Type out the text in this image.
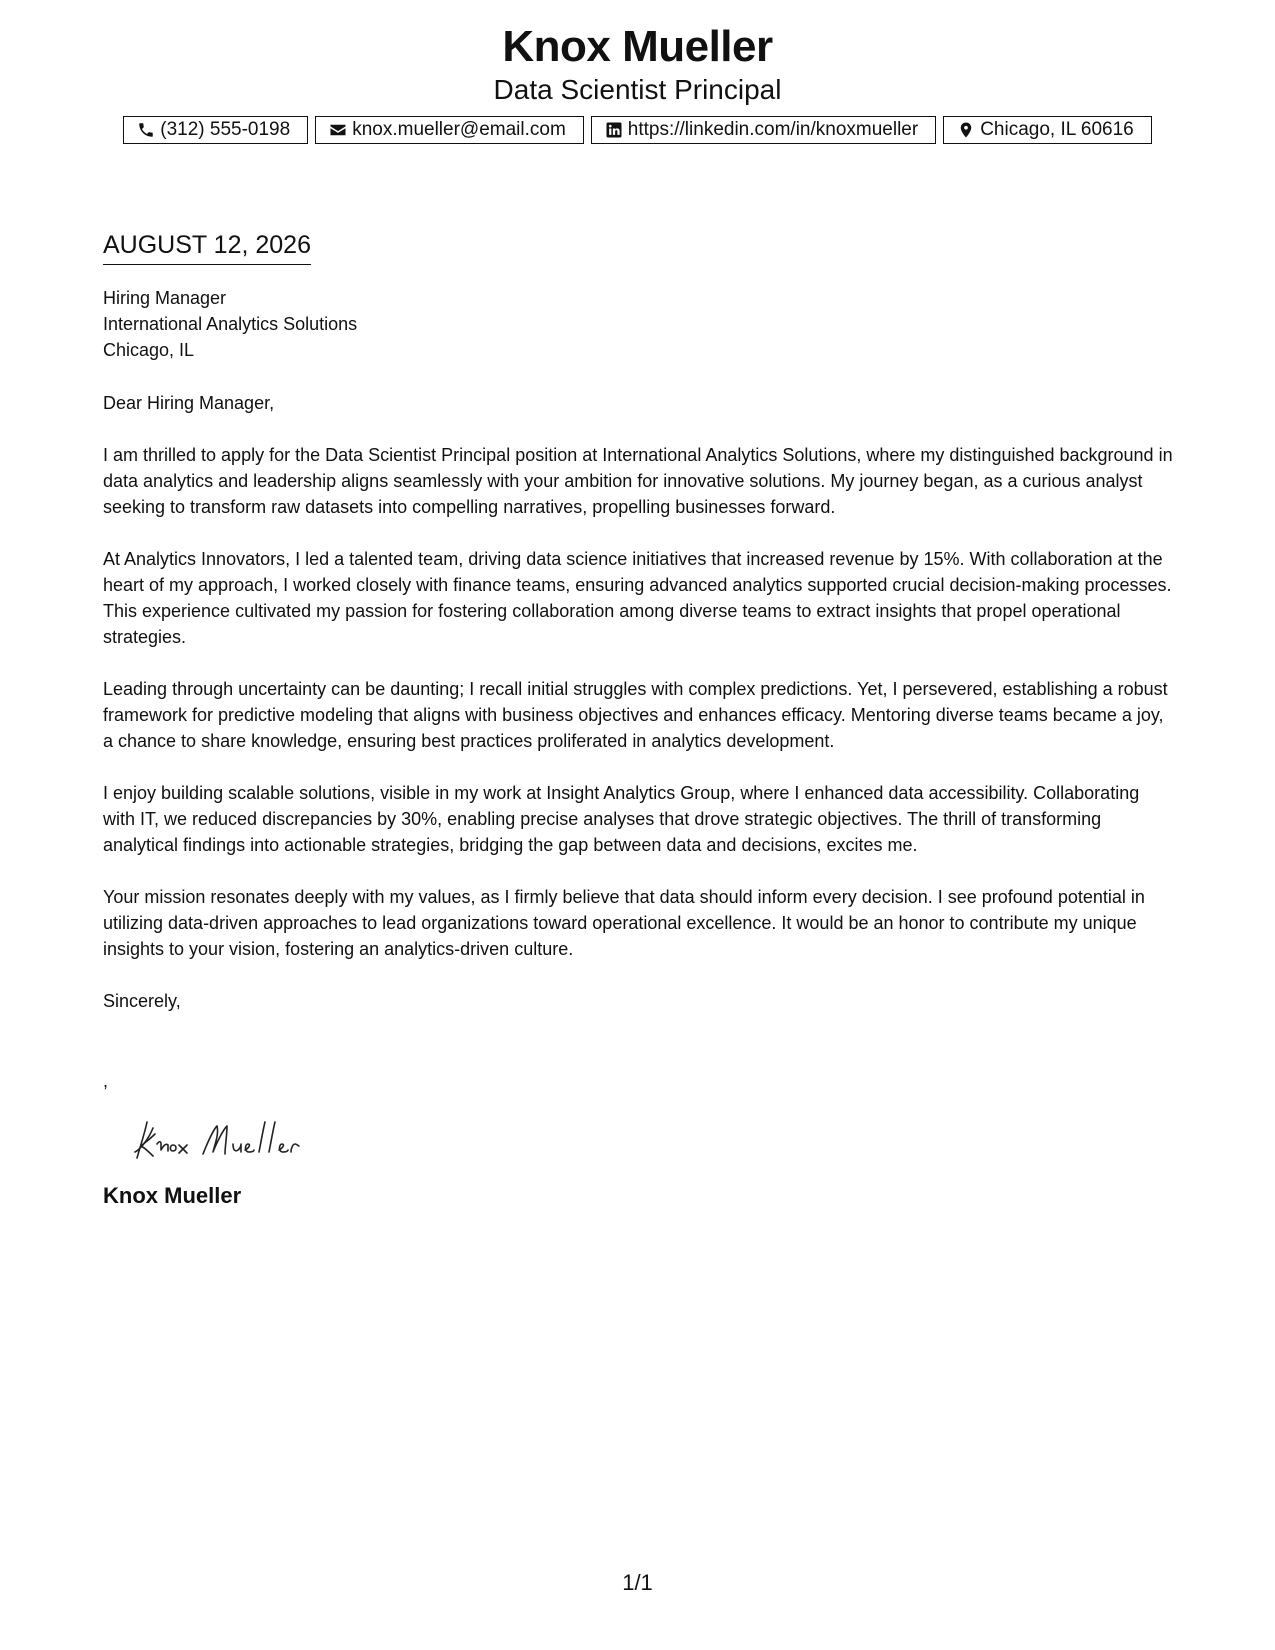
Knox Mueller
Data Scientist Principal
(312) 555-0198	knox.mueller@email.com	https://linkedin.com/in/knoxmueller	Chicago, IL 60616
AUGUST 12, 2026
Hiring Manager
International Analytics Solutions
Chicago, IL
Dear Hiring Manager,
I am thrilled to apply for the Data Scientist Principal position at International Analytics Solutions, where my distinguished background in data analytics and leadership aligns seamlessly with your ambition for innovative solutions. My journey began, as a curious analyst seeking to transform raw datasets into compelling narratives, propelling businesses forward.
At Analytics Innovators, I led a talented team, driving data science initiatives that increased revenue by 15%. With collaboration at the heart of my approach, I worked closely with finance teams, ensuring advanced analytics supported crucial decision-making processes. This experience cultivated my passion for fostering collaboration among diverse teams to extract insights that propel operational strategies.
Leading through uncertainty can be daunting; I recall initial struggles with complex predictions. Yet, I persevered, establishing a robust framework for predictive modeling that aligns with business objectives and enhances efficacy. Mentoring diverse teams became a joy, a chance to share knowledge, ensuring best practices proliferated in analytics development.
I enjoy building scalable solutions, visible in my work at Insight Analytics Group, where I enhanced data accessibility. Collaborating with IT, we reduced discrepancies by 30%, enabling precise analyses that drove strategic objectives. The thrill of transforming analytical findings into actionable strategies, bridging the gap between data and decisions, excites me.
Your mission resonates deeply with my values, as I firmly believe that data should inform every decision. I see profound potential in utilizing data-driven approaches to lead organizations toward operational excellence. It would be an honor to contribute my unique insights to your vision, fostering an analytics-driven culture.
Sincerely,
,
Knox Mueller
1/1
